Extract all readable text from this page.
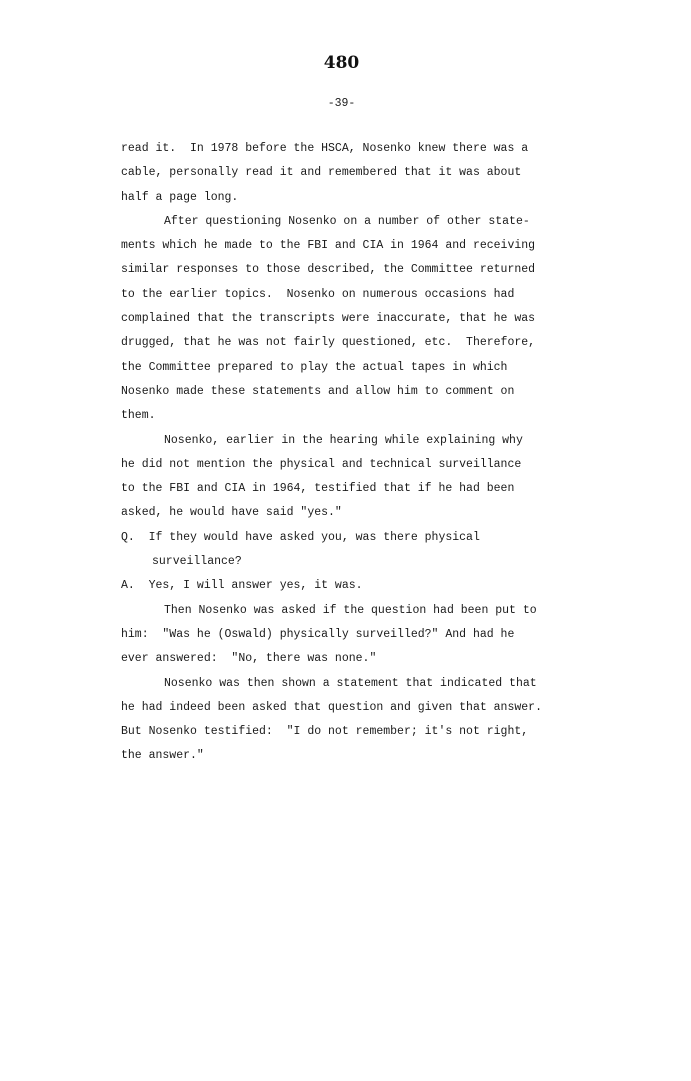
480
-39-
read it.  In 1978 before the HSCA, Nosenko knew there was a
cable, personally read it and remembered that it was about
half a page long.
After questioning Nosenko on a number of other state-
ments which he made to the FBI and CIA in 1964 and receiving
similar responses to those described, the Committee returned
to the earlier topics.  Nosenko on numerous occasions had
complained that the transcripts were inaccurate, that he was
drugged, that he was not fairly questioned, etc.  Therefore,
the Committee prepared to play the actual tapes in which
Nosenko made these statements and allow him to comment on
them.
Nosenko, earlier in the hearing while explaining why
he did not mention the physical and technical surveillance
to the FBI and CIA in 1964, testified that if he had been
asked, he would have said "yes."
Q.  If they would have asked you, was there physical
surveillance?
A.  Yes, I will answer yes, it was.
Then Nosenko was asked if the question had been put to
him:  "Was he (Oswald) physically surveilled?" And had he
ever answered:  "No, there was none."
Nosenko was then shown a statement that indicated that
he had indeed been asked that question and given that answer.
But Nosenko testified:  "I do not remember; it's not right,
the answer."
